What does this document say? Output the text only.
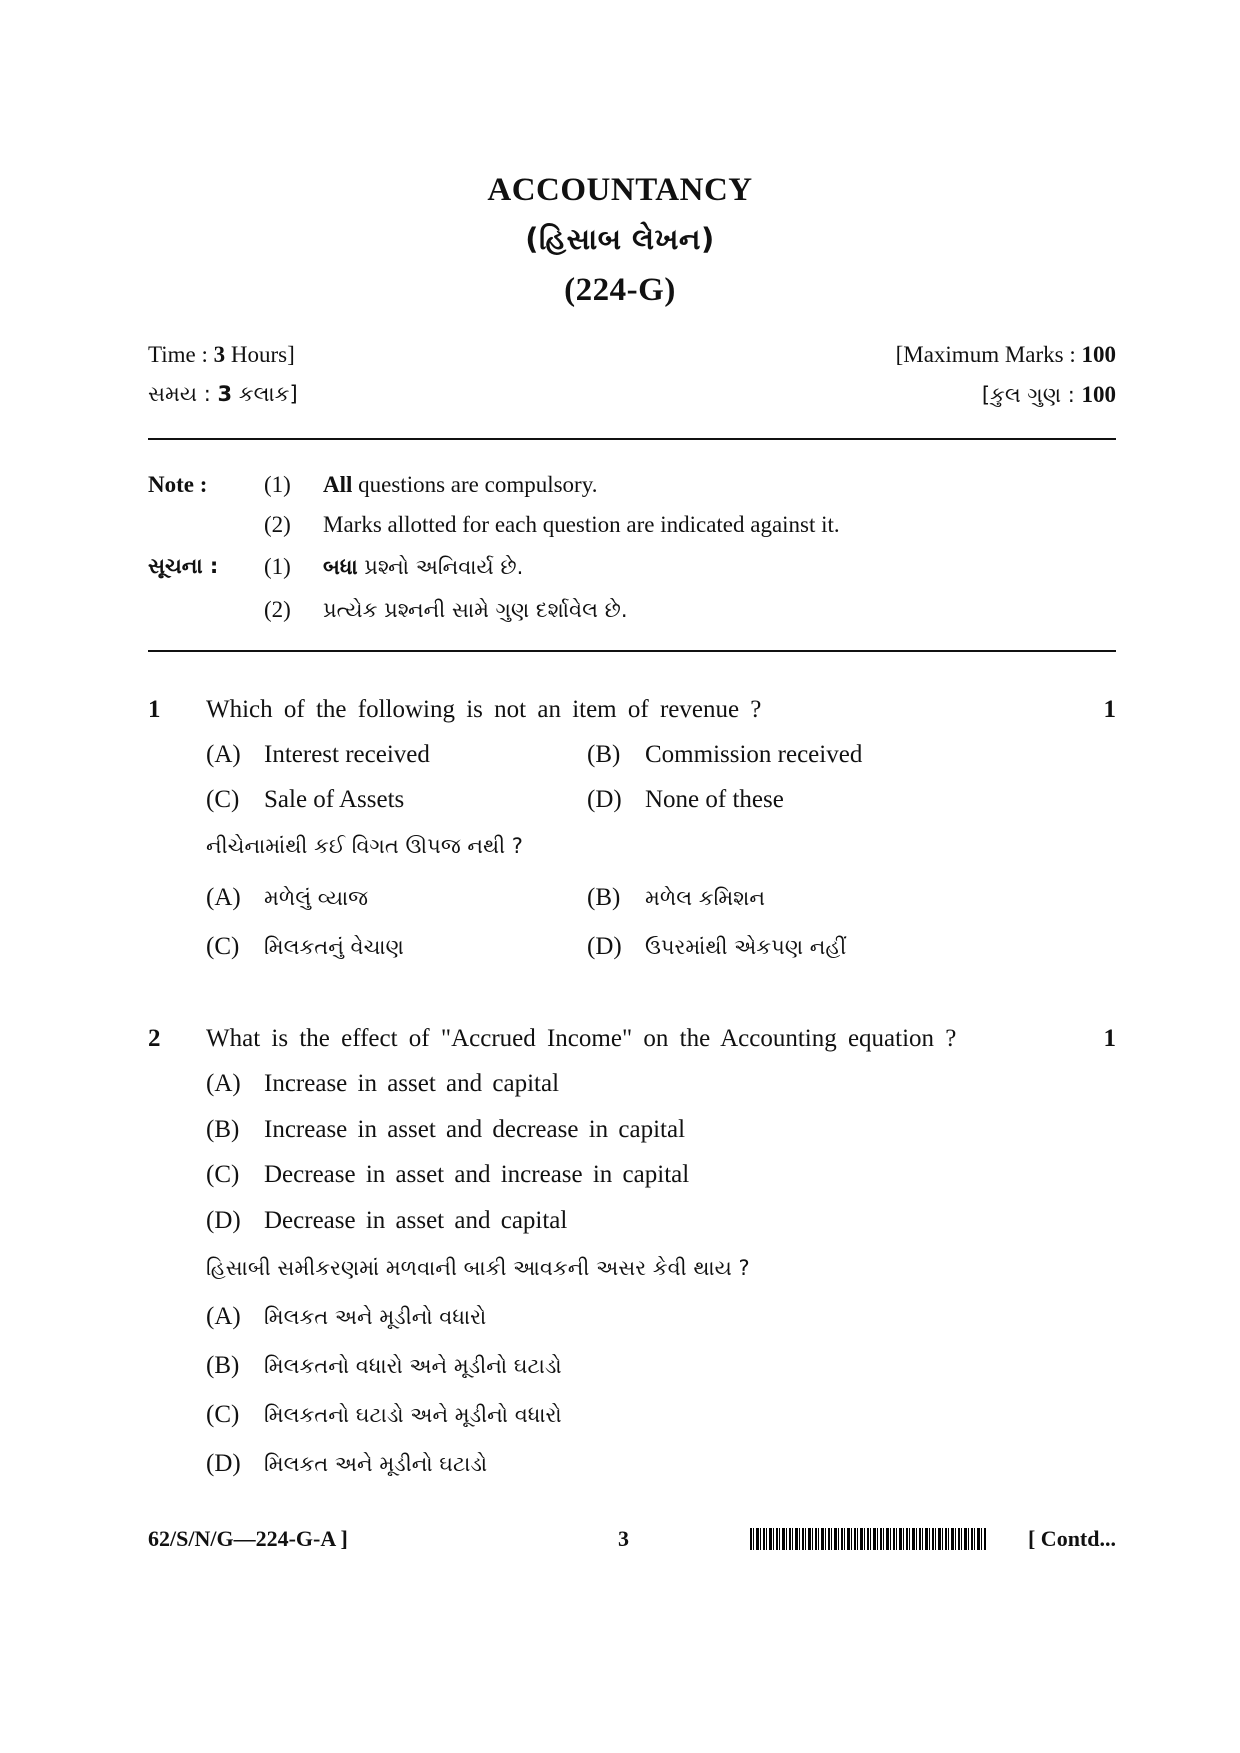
ACCOUNTANCY
(હિસાબ લેખન)
(224-G)
Time : 3 Hours]
સમય : 3 કલાક]
[Maximum Marks : 100
[કુલ ગુણ : 100
Note : (1) All questions are compulsory.
(2) Marks allotted for each question are indicated against it.
સૂચના : (1) બધા પ્રશ્નો અનિવાર્ય છે.
(2) પ્રત્યેક પ્રશ્નની સામે ગુણ દર્શાવેલ છે.
1 Which of the following is not an item of revenue ?	1
(A) Interest received	(B) Commission received
(C) Sale of Assets	(D) None of these
નીચેનામાંથી કઈ વિગત ઊપજ નથી ?
(A) મળેલું વ્યાજ	(B) મળેલ કમિશન
(C) મિલકતનું વેચાણ	(D) ઉપરમાંથી એકપણ નહીં
2 What is the effect of "Accrued Income" on the Accounting equation ?	1
(A) Increase in asset and capital
(B) Increase in asset and decrease in capital
(C) Decrease in asset and increase in capital
(D) Decrease in asset and capital
હિસાબી સમીકરણમાં મળવાની બાકી આવકની અસર કેવી થાય ?
(A) મિલકત અને મૂડીનો વધારો
(B) મિલકતનો વધારો અને મૂડીનો ઘટાડો
(C) મિલકતનો ઘટાડો અને મૂડીનો વધારો
(D) મિલકત અને મૂડીનો ઘટાડો
62/S/N/G—224-G-A ]	3	[ Contd...
